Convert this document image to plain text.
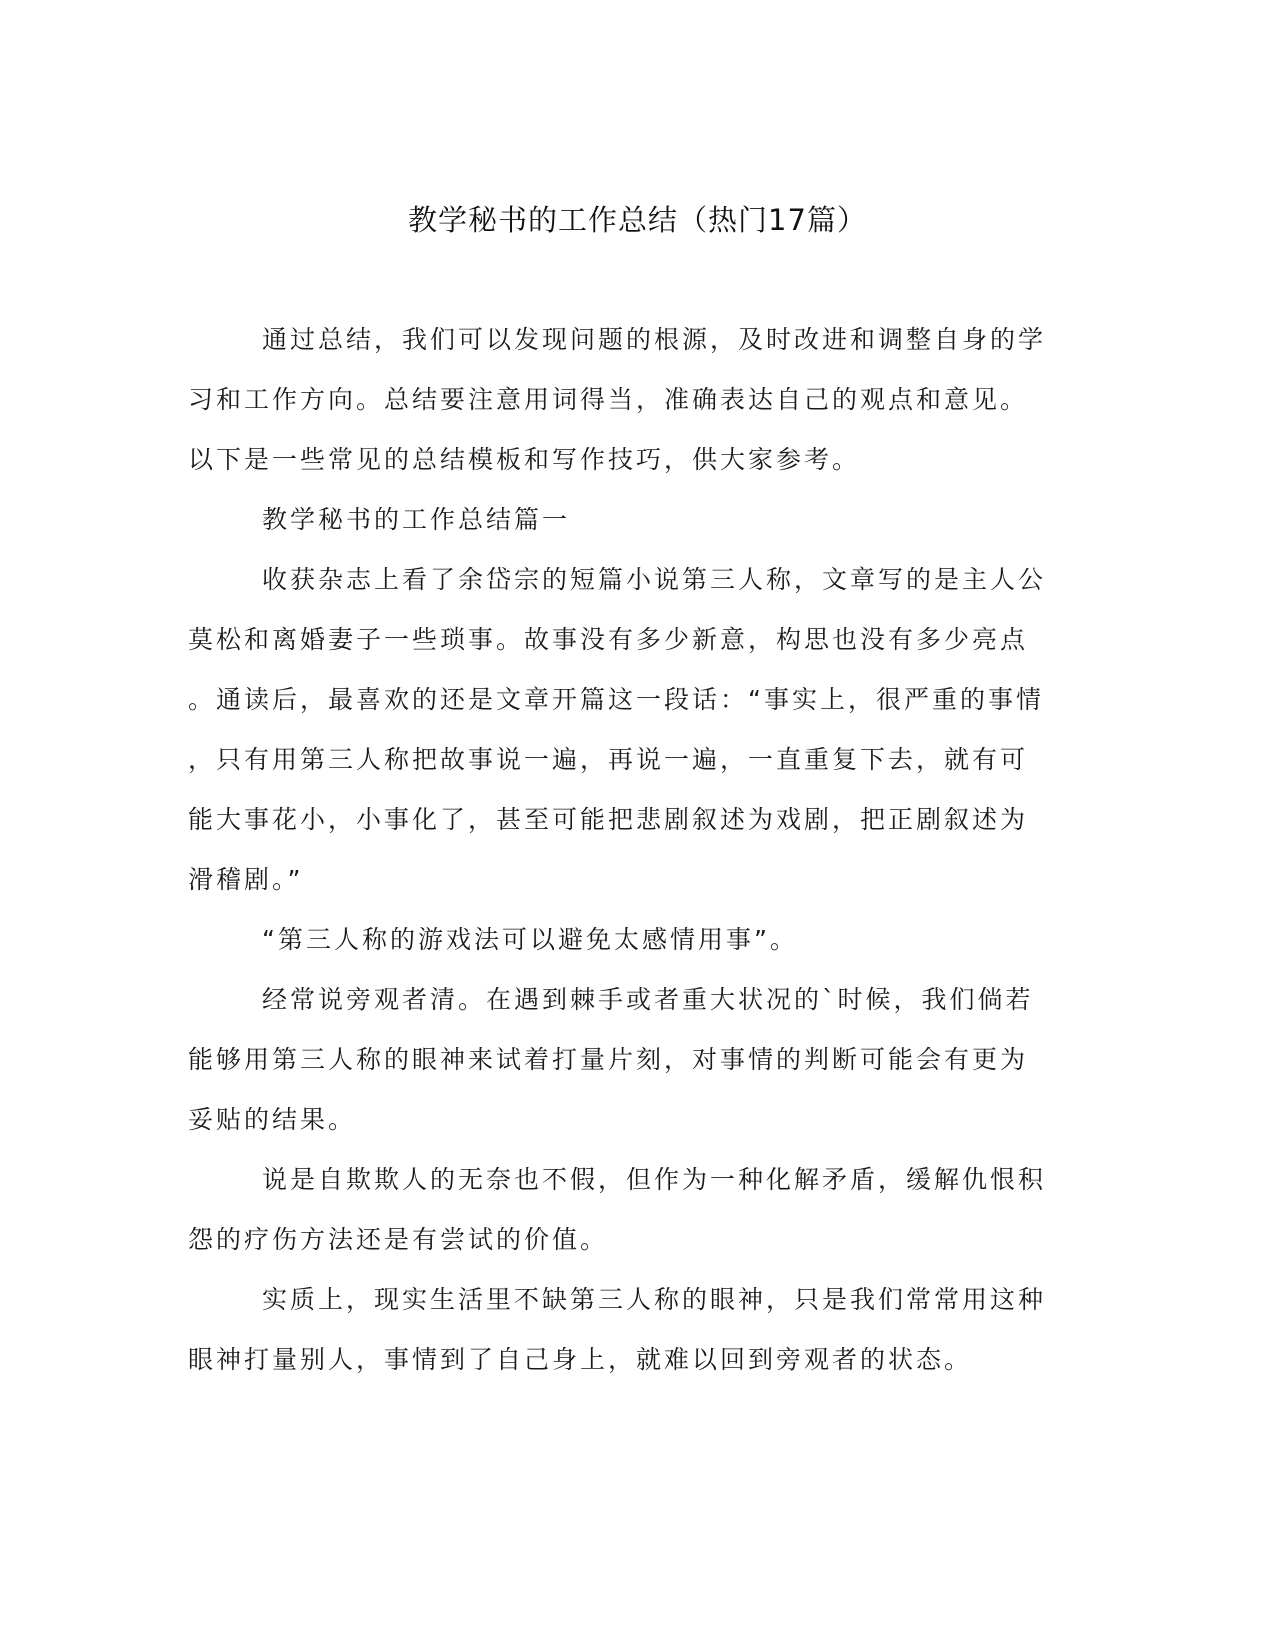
教学秘书的工作总结（热门17篇）

通过总结，我们可以发现问题的根源，及时改进和调整自身的学
习和工作方向。总结要注意用词得当，准确表达自己的观点和意见。
以下是一些常见的总结模板和写作技巧，供大家参考。

教学秘书的工作总结篇一

收获杂志上看了余岱宗的短篇小说第三人称，文章写的是主人公
莫松和离婚妻子一些琐事。故事没有多少新意，构思也没有多少亮点
。通读后，最喜欢的还是文章开篇这一段话：“事实上，很严重的事情
，只有用第三人称把故事说一遍，再说一遍，一直重复下去，就有可
能大事花小，小事化了，甚至可能把悲剧叙述为戏剧，把正剧叙述为
滑稽剧。”

“第三人称的游戏法可以避免太感情用事”。

经常说旁观者清。在遇到棘手或者重大状况的`时候，我们倘若
能够用第三人称的眼神来试着打量片刻，对事情的判断可能会有更为
妥贴的结果。

说是自欺欺人的无奈也不假，但作为一种化解矛盾，缓解仇恨积
怨的疗伤方法还是有尝试的价值。

实质上，现实生活里不缺第三人称的眼神，只是我们常常用这种
眼神打量别人，事情到了自己身上，就难以回到旁观者的状态。
